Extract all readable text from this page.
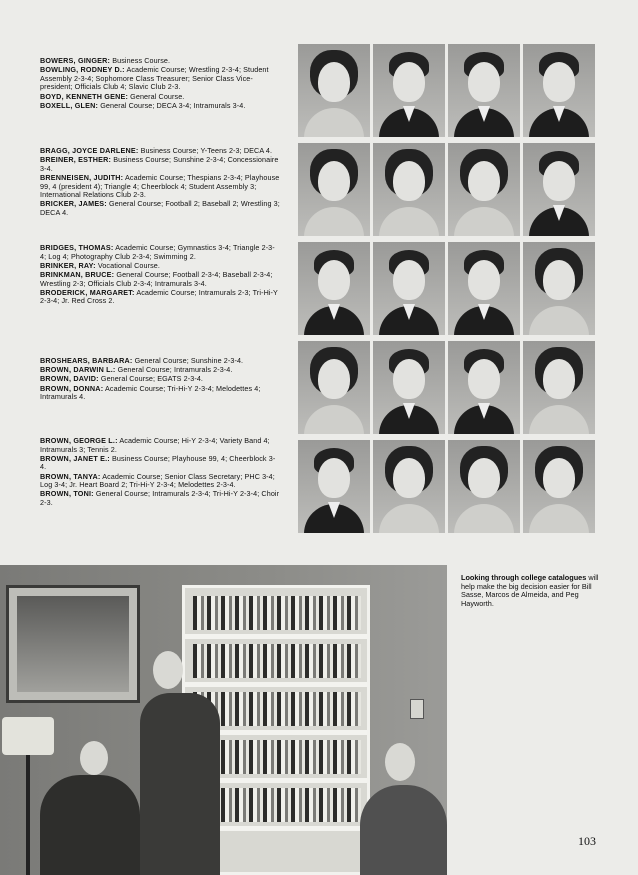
BOWERS, GINGER: Business Course.

BOWLING, RODNEY D.: Academic Course; Wrestling 2-3-4; Student Assembly 2-3-4; Sophomore Class Treasurer; Senior Class Vice-president; Officials Club 4; Slavic Club 2-3.

BOYD, KENNETH GENE: General Course.

BOXELL, GLEN: General Course; DECA 3-4; Intramurals 3-4.

BRAGG, JOYCE DARLENE: Business Course; Y-Teens 2-3; DECA 4.

BREINER, ESTHER: Business Course; Sunshine 2-3-4; Concessionaire 3-4.

BRENNEISEN, JUDITH: Academic Course; Thespians 2-3-4; Playhouse 99, 4 (president 4); Triangle 4; Cheerblock 4; Student Assembly 3; International Relations Club 2-3.

BRICKER, JAMES: General Course; Football 2; Baseball 2; Wrestling 3; DECA 4.

BRIDGES, THOMAS: Academic Course; Gymnastics 3-4; Triangle 2-3-4; Log 4; Photography Club 2-3-4; Swimming 2.

BRINKER, RAY: Vocational Course.

BRINKMAN, BRUCE: General Course; Football 2-3-4; Baseball 2-3-4; Wrestling 2-3; Officials Club 2-3-4; Intramurals 3-4.

BRODERICK, MARGARET: Academic Course; Intramurals 2-3; Tri-Hi-Y 2-3-4; Jr. Red Cross 2.

BROSHEARS, BARBARA: General Course; Sunshine 2-3-4.

BROWN, DARWIN L.: General Course; Intramurals 2-3-4.

BROWN, DAVID: General Course; EGATS 2-3-4.

BROWN, DONNA: Academic Course; Tri-Hi-Y 2-3-4; Melodettes 4; Intramurals 4.

BROWN, GEORGE L.: Academic Course; Hi-Y 2-3-4; Variety Band 4; Intramurals 3; Tennis 2.

BROWN, JANET E.: Business Course; Playhouse 99, 4; Cheerblock 3-4.

BROWN, TANYA: Academic Course; Senior Class Secretary; PHC 3-4; Log 3-4; Jr. Heart Board 2; Tri-Hi-Y 2-3-4; Melodettes 2-3-4.

BROWN, TONI: General Course; Intramurals 2-3-4; Tri-Hi-Y 2-3-4; Choir 2-3.

Looking through college catalogues will help make the big decision easier for Bill Sasse, Marcos de Almeida, and Peg Hayworth.

103
